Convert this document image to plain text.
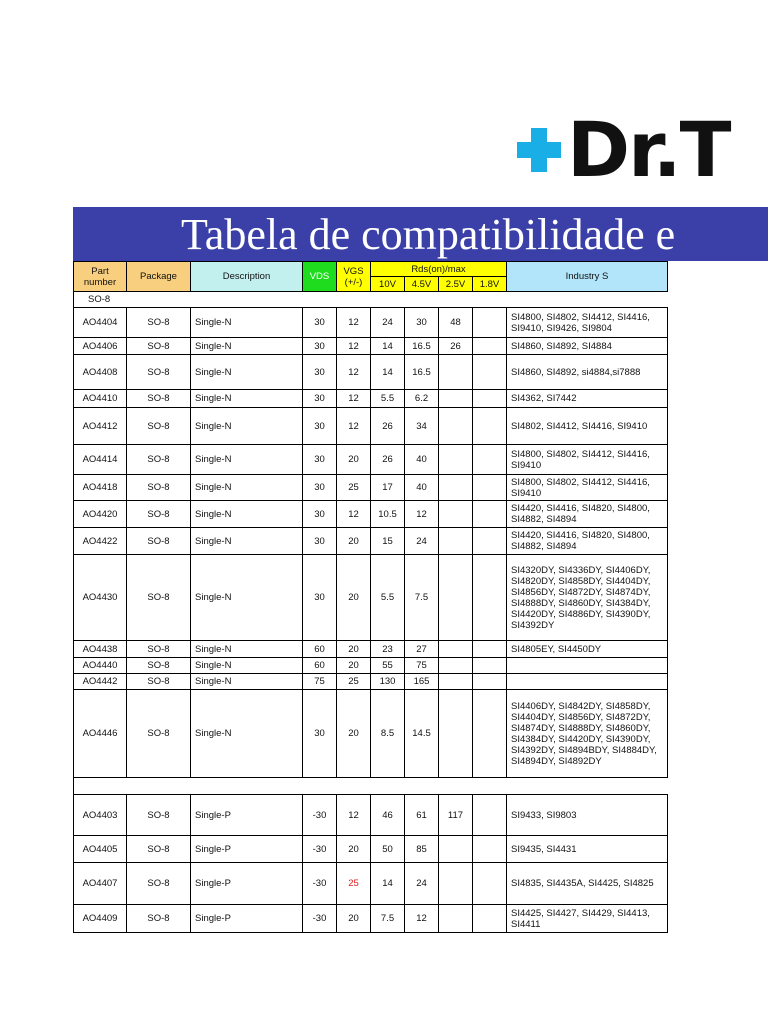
Dr.T
Tabela de compatibilidade e
Part number	Package	Description	VDS	VGS (+/-)	Rds(on)/max				Industry S
					10V	4.5V	2.5V	1.8V	
SO-8									
AO4404	SO-8	Single-N	30	12	24	30	48		SI4800, SI4802, SI4412, SI4416, SI9410, SI9426, SI9804
AO4406	SO-8	Single-N	30	12	14	16.5	26		SI4860, SI4892, SI4884
AO4408	SO-8	Single-N	30	12	14	16.5			SI4860, SI4892, si4884,si7888
AO4410	SO-8	Single-N	30	12	5.5	6.2			SI4362, SI7442
AO4412	SO-8	Single-N	30	12	26	34			SI4802, SI4412, SI4416, SI9410
AO4414	SO-8	Single-N	30	20	26	40			SI4800, SI4802, SI4412, SI4416, SI9410
AO4418	SO-8	Single-N	30	25	17	40			SI4800, SI4802, SI4412, SI4416, SI9410
AO4420	SO-8	Single-N	30	12	10.5	12			SI4420, SI4416, SI4820, SI4800, SI4882, SI4894
AO4422	SO-8	Single-N	30	20	15	24			SI4420, SI4416, SI4820, SI4800, SI4882, SI4894
AO4430	SO-8	Single-N	30	20	5.5	7.5			SI4320DY, SI4336DY, SI4406DY, SI4820DY, SI4858DY, SI4404DY, SI4856DY, SI4872DY, SI4874DY, SI4888DY, SI4860DY, SI4384DY, SI4420DY, SI4886DY, SI4390DY, SI4392DY
AO4438	SO-8	Single-N	60	20	23	27			SI4805EY, SI4450DY
AO4440	SO-8	Single-N	60	20	55	75			
AO4442	SO-8	Single-N	75	25	130	165			
AO4446	SO-8	Single-N	30	20	8.5	14.5			SI4406DY, SI4842DY, SI4858DY, SI4404DY, SI4856DY, SI4872DY, SI4874DY, SI4888DY, SI4860DY, SI4384DY, SI4420DY, SI4390DY, SI4392DY, SI4894BDY, SI4884DY, SI4894DY, SI4892DY

AO4403	SO-8	Single-P	-30	12	46	61	117		SI9433, SI9803
AO4405	SO-8	Single-P	-30	20	50	85			SI9435, SI4431
AO4407	SO-8	Single-P	-30	25	14	24			SI4835, SI4435A, SI4425, SI4825
AO4409	SO-8	Single-P	-30	20	7.5	12			SI4425, SI4427, SI4429, SI4413, SI4411
